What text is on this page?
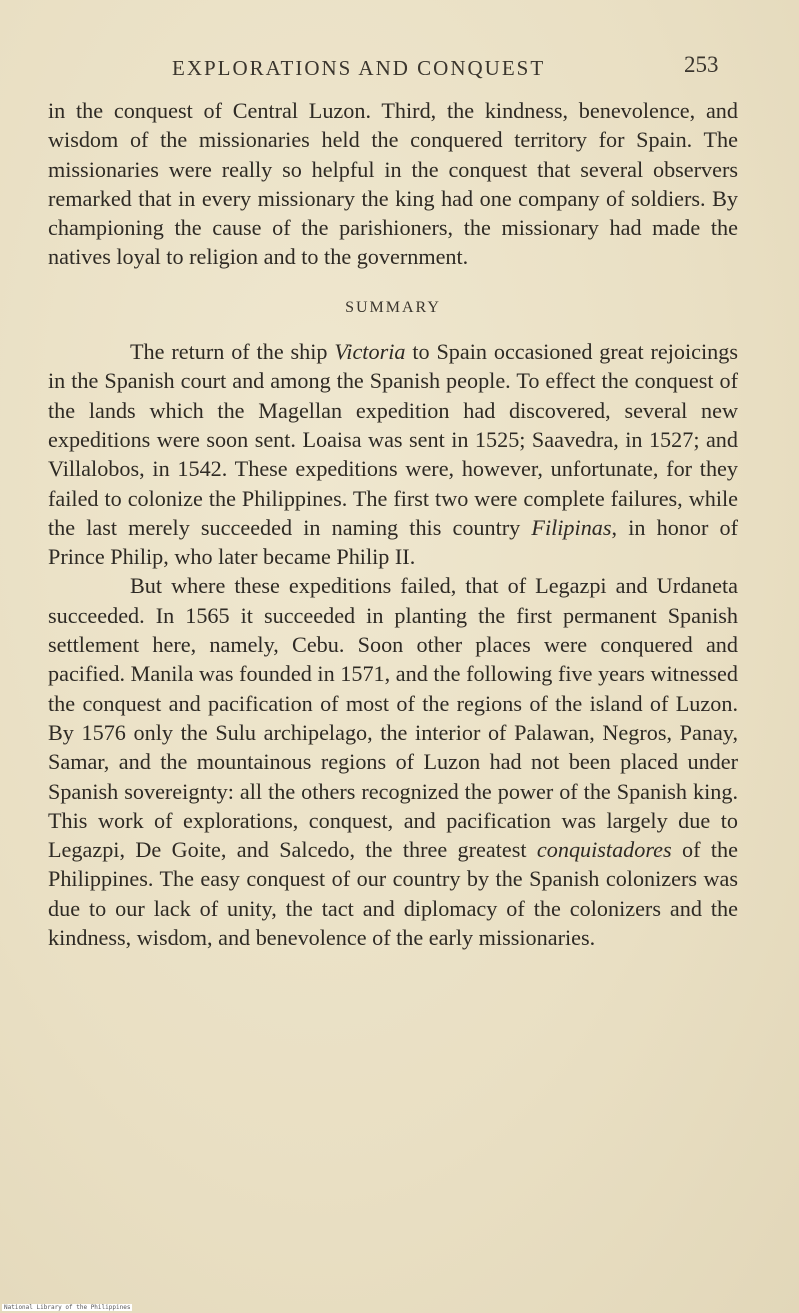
EXPLORATIONS AND CONQUEST	253

in the conquest of Central Luzon. Third, the kindness, benevolence, and wisdom of the missionaries held the conquered territory for Spain. The missionaries were really so helpful in the conquest that several observers remarked that in every missionary the king had one company of soldiers. By championing the cause of the parishioners, the missionary had made the natives loyal to religion and to the government.

SUMMARY

The return of the ship Victoria to Spain occasioned great rejoicings in the Spanish court and among the Spanish people. To effect the conquest of the lands which the Magellan expedition had discovered, several new expeditions were soon sent. Loaisa was sent in 1525; Saavedra, in 1527; and Villalobos, in 1542. These expeditions were, however, unfortunate, for they failed to colonize the Philippines. The first two were complete failures, while the last merely succeeded in naming this country Filipinas, in honor of Prince Philip, who later became Philip II.

But where these expeditions failed, that of Legazpi and Urdaneta succeeded. In 1565 it succeeded in planting the first permanent Spanish settlement here, namely, Cebu. Soon other places were conquered and pacified. Manila was founded in 1571, and the following five years witnessed the conquest and pacification of most of the regions of the island of Luzon. By 1576 only the Sulu archipelago, the interior of Palawan, Negros, Panay, Samar, and the mountainous regions of Luzon had not been placed under Spanish sovereignty: all the others recognized the power of the Spanish king. This work of explorations, conquest, and pacification was largely due to Legazpi, De Goite, and Salcedo, the three greatest conquistadores of the Philippines. The easy conquest of our country by the Spanish colonizers was due to our lack of unity, the tact and diplomacy of the colonizers and the kindness, wisdom, and benevolence of the early missionaries.

National Library of the Philippines
